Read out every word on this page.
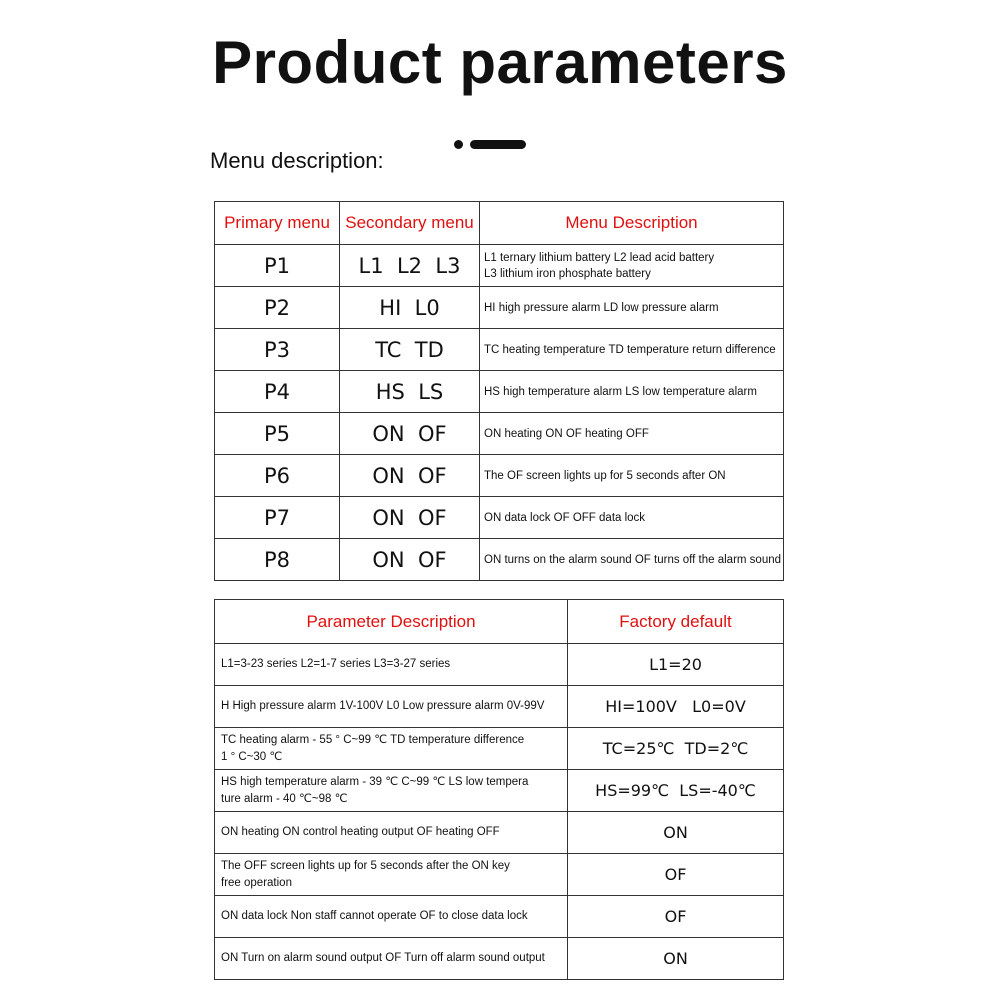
Product parameters
Menu description:
Primary menu	Secondary menu	Menu Description
P1	L1  L2  L3	L1 ternary lithium battery L2 lead acid battery
L3 lithium iron phosphate battery

P2	HI  L0	HI high pressure alarm LD low pressure alarm

P3	TC  TD	TC heating temperature TD temperature return difference

P4	HS  LS	HS high temperature alarm LS low temperature alarm

P5	ON  OF	ON heating ON OF heating OFF

P6	ON  OF	The OF screen lights up for 5 seconds after ON

P7	ON  OF	ON data lock OF OFF data lock

P8	ON  OF	ON turns on the alarm sound OF turns off the alarm sound
Parameter Description	Factory default

L1=3-23 series L2=1-7 series L3=3-27 series	L1=20

H High pressure alarm 1V-100V L0 Low pressure alarm 0V-99V	HI=100V   L0=0V

TC heating alarm - 55 ° C~99 ℃ TD temperature difference
1 ° C~30 ℃	TC=25℃  TD=2℃

HS high temperature alarm - 39 ℃ C~99 ℃ LS low tempera
ture alarm - 40 ℃~98 ℃	HS=99℃  LS=-40℃

ON heating ON control heating output OF heating OFF	ON

The OFF screen lights up for 5 seconds after the ON key
free operation	OF

ON data lock Non staff cannot operate OF to close data lock	OF

ON Turn on alarm sound output OF Turn off alarm sound output	ON
